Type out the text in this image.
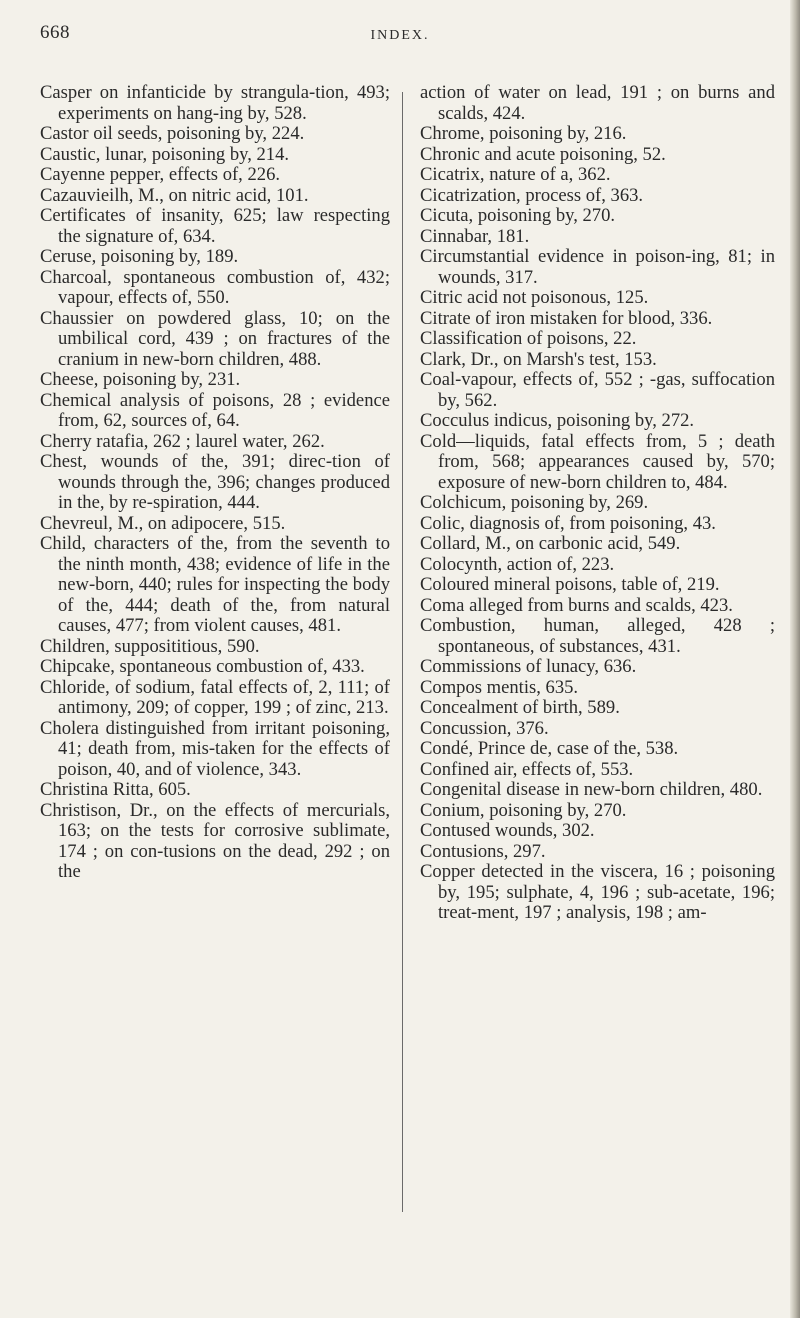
668	INDEX.

Casper on infanticide by strangula-tion, 493; experiments on hang-ing by, 528.

Castor oil seeds, poisoning by, 224.

Caustic, lunar, poisoning by, 214.

Cayenne pepper, effects of, 226.

Cazauvieilh, M., on nitric acid, 101.

Certificates of insanity, 625; law respecting the signature of, 634.

Ceruse, poisoning by, 189.

Charcoal, spontaneous combustion of, 432; vapour, effects of, 550.

Chaussier on powdered glass, 10; on the umbilical cord, 439 ; on fractures of the cranium in new-born children, 488.

Cheese, poisoning by, 231.

Chemical analysis of poisons, 28 ; evidence from, 62, sources of, 64.

Cherry ratafia, 262 ; laurel water, 262.

Chest, wounds of the, 391; direc-tion of wounds through the, 396; changes produced in the, by re-spiration, 444.

Chevreul, M., on adipocere, 515.

Child, characters of the, from the seventh to the ninth month, 438; evidence of life in the new-born, 440; rules for inspecting the body of the, 444; death of the, from natural causes, 477; from violent causes, 481.

Children, supposititious, 590.

Chipcake, spontaneous combustion of, 433.

Chloride, of sodium, fatal effects of, 2, 111; of antimony, 209; of copper, 199 ; of zinc, 213.

Cholera distinguished from irritant poisoning, 41; death from, mis-taken for the effects of poison, 40, and of violence, 343.

Christina Ritta, 605.

Christison, Dr., on the effects of mercurials, 163; on the tests for corrosive sublimate, 174 ; on con-tusions on the dead, 292 ; on the

action of water on lead, 191 ; on burns and scalds, 424.

Chrome, poisoning by, 216.

Chronic and acute poisoning, 52.

Cicatrix, nature of a, 362.

Cicatrization, process of, 363.

Cicuta, poisoning by, 270.

Cinnabar, 181.

Circumstantial evidence in poison-ing, 81; in wounds, 317.

Citric acid not poisonous, 125.

Citrate of iron mistaken for blood, 336.

Classification of poisons, 22.

Clark, Dr., on Marsh's test, 153.

Coal-vapour, effects of, 552 ; -gas, suffocation by, 562.

Cocculus indicus, poisoning by, 272.

Cold—liquids, fatal effects from, 5 ; death from, 568; appearances caused by, 570; exposure of new-born children to, 484.

Colchicum, poisoning by, 269.

Colic, diagnosis of, from poisoning, 43.

Collard, M., on carbonic acid, 549.

Colocynth, action of, 223.

Coloured mineral poisons, table of, 219.

Coma alleged from burns and scalds, 423.

Combustion, human, alleged, 428 ; spontaneous, of substances, 431.

Commissions of lunacy, 636.

Compos mentis, 635.

Concealment of birth, 589.

Concussion, 376.

Condé, Prince de, case of the, 538.

Confined air, effects of, 553.

Congenital disease in new-born children, 480.

Conium, poisoning by, 270.

Contused wounds, 302.

Contusions, 297.

Copper detected in the viscera, 16 ; poisoning by, 195; sulphate, 4, 196 ; sub-acetate, 196; treat-ment, 197 ; analysis, 198 ; am-
